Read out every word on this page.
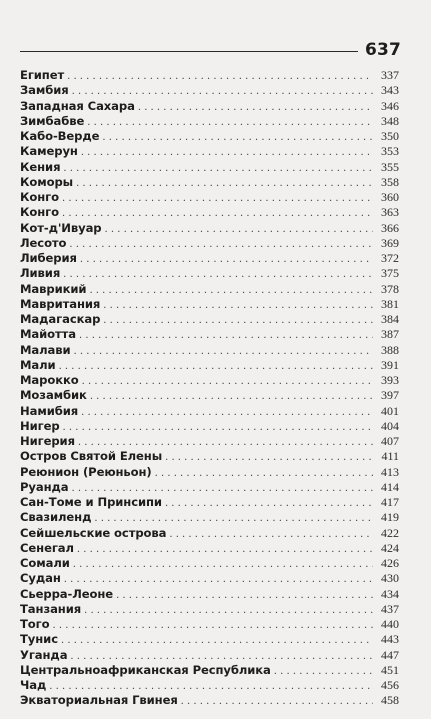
637
Египет . . .	337
Замбия . . .	343
Западная Сахара . . .	346
Зимбабве . . .	348
Кабо-Верде . . .	350
Камерун . . .	353
Кения . . .	355
Коморы . . .	358
Конго . . .	360
Конго . . .	363
Кот-д'Ивуар . . .	366
Лесото . . .	369
Либерия . . .	372
Ливия . . .	375
Маврикий . . .	378
Мавритания . . .	381
Мадагаскар . . .	384
Майотта . . .	387
Малави . . .	388
Мали . . .	391
Марокко . . .	393
Мозамбик . . .	397
Намибия . . .	401
Нигер . . .	404
Нигерия . . .	407
Остров Святой Елены . . .	411
Реюнион (Реюньон) . . .	413
Руанда . . .	414
Сан-Томе и Принсипи . . .	417
Свазиленд . . .	419
Сейшельские острова . . .	422
Сенегал . . .	424
Сомали . . .	426
Судан . . .	430
Сьерра-Леоне . . .	434
Танзания . . .	437
Того . . .	440
Тунис . . .	443
Уганда . . .	447
Центральноафриканская Республика . . .	451
Чад . . .	456
Экваториальная Гвинея . . .	458
